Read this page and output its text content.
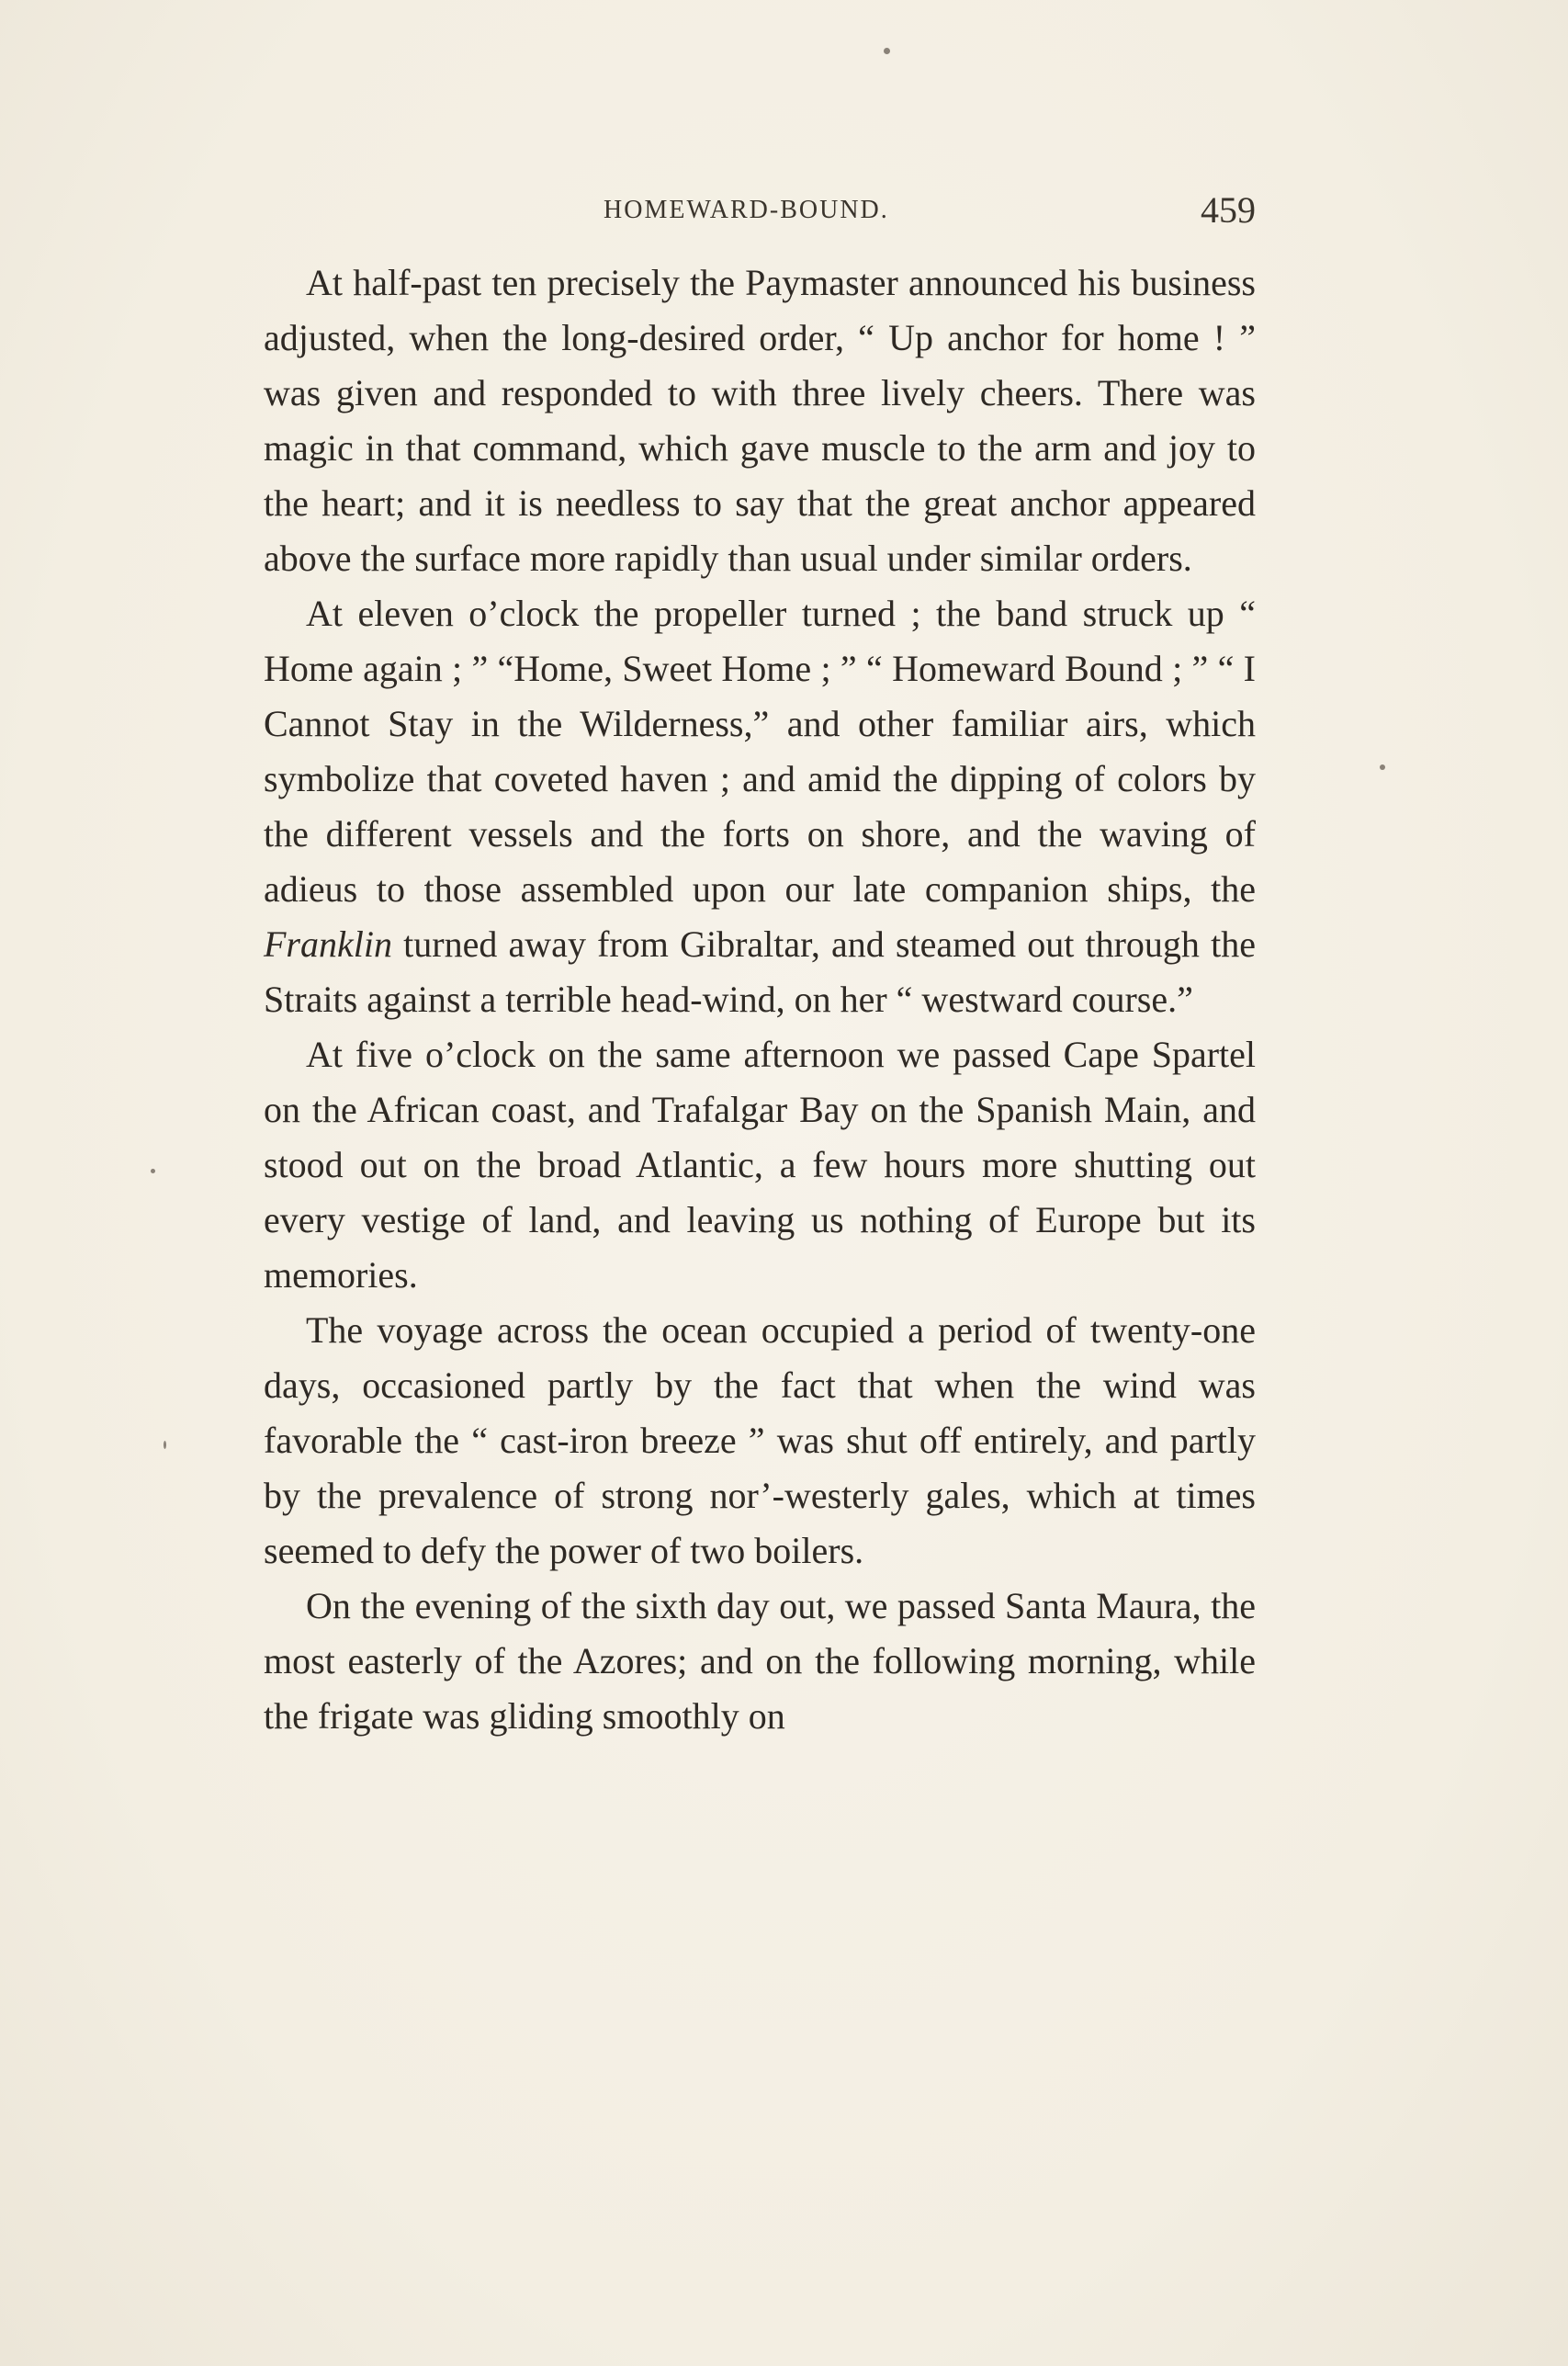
HOMEWARD-BOUND.	459

At half-past ten precisely the Paymaster announced his business adjusted, when the long-desired order, “ Up anchor for home ! ” was given and responded to with three lively cheers. There was magic in that command, which gave muscle to the arm and joy to the heart; and it is needless to say that the great anchor appeared above the surface more rapidly than usual under similar orders.

At eleven o’clock the propeller turned ; the band struck up “ Home again ; ” “Home, Sweet Home ; ” “ Homeward Bound ; ” “ I Cannot Stay in the Wilderness,” and other familiar airs, which symbolize that coveted haven ; and amid the dipping of colors by the different vessels and the forts on shore, and the waving of adieus to those assembled upon our late companion ships, the Franklin turned away from Gibraltar, and steamed out through the Straits against a terrible head-wind, on her “ westward course.”

At five o’clock on the same afternoon we passed Cape Spartel on the African coast, and Trafalgar Bay on the Spanish Main, and stood out on the broad Atlantic, a few hours more shutting out every vestige of land, and leaving us nothing of Europe but its memories.

The voyage across the ocean occupied a period of twenty-one days, occasioned partly by the fact that when the wind was favorable the “ cast-iron breeze ” was shut off entirely, and partly by the prevalence of strong nor’-westerly gales, which at times seemed to defy the power of two boilers.

On the evening of the sixth day out, we passed Santa Maura, the most easterly of the Azores; and on the following morning, while the frigate was gliding smoothly on
